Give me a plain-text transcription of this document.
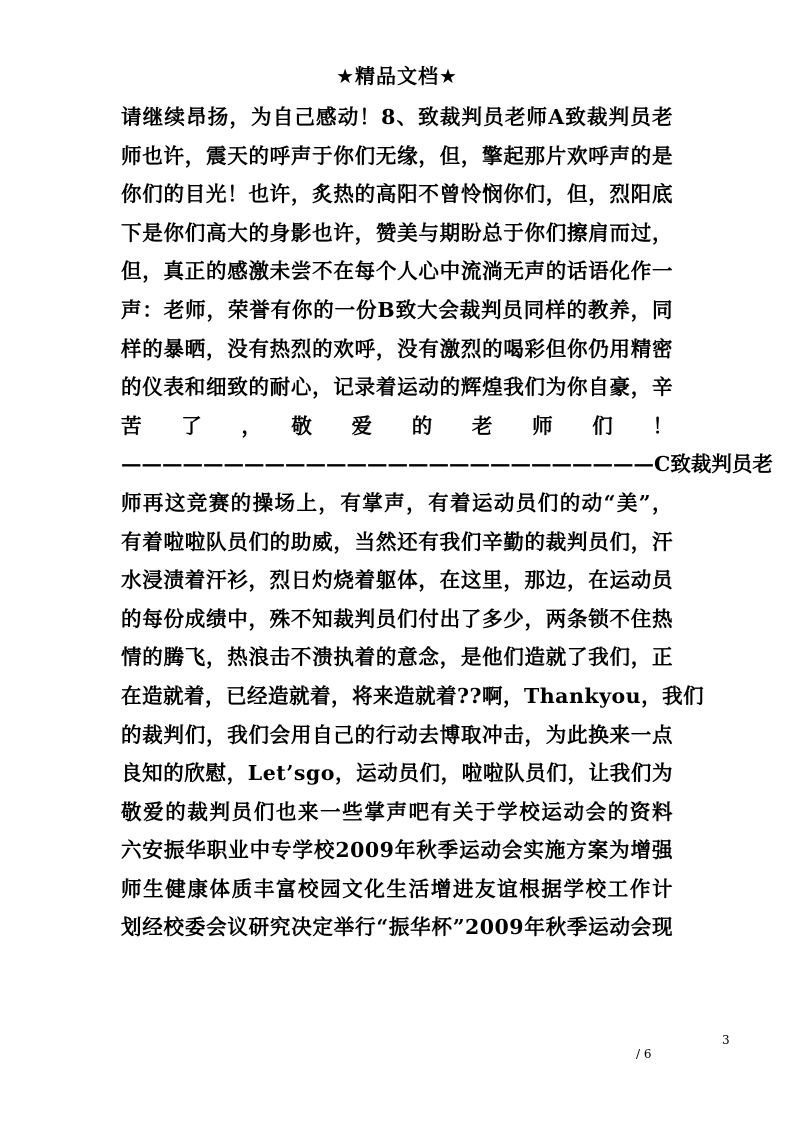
★精品文档★
请继续昂扬，为自己感动！8、致裁判员老师A致裁判员老
师也许，震天的呼声于你们无缘，但，擎起那片欢呼声的是
你们的目光！也许，炙热的高阳不曾怜悯你们，但，烈阳底
下是你们高大的身影也许，赞美与期盼总于你们擦肩而过，
但，真正的感激未尝不在每个人心中流淌无声的话语化作一
声：老师，荣誉有你的一份B致大会裁判员同样的教养，同
样的暴晒，没有热烈的欢呼，没有激烈的喝彩但你仍用精密
的仪表和细致的耐心，记录着运动的辉煌我们为你自豪，辛
苦　了　，　敬　爱　的　老　师　们　！
——————————————————————————C致裁判员老
师再这竞赛的操场上，有掌声，有着运动员们的动“美”，
有着啦啦队员们的助威，当然还有我们辛勤的裁判员们，汗
水浸渍着汗衫，烈日灼烧着躯体，在这里，那边，在运动员
的每份成绩中，殊不知裁判员们付出了多少，两条锁不住热
情的腾飞，热浪击不溃执着的意念，是他们造就了我们，正
在造就着，已经造就着，将来造就着??啊，Thankyou，我们
的裁判们，我们会用自己的行动去博取冲击，为此换来一点
良知的欣慰，Let’sgo，运动员们，啦啦队员们，让我们为
敬爱的裁判员们也来一些掌声吧有关于学校运动会的资料
六安振华职业中专学校2009年秋季运动会实施方案为增强
师生健康体质丰富校园文化生活增进友谊根据学校工作计
划经校委会议研究决定举行“振华杯”2009年秋季运动会现
3
/ 6
